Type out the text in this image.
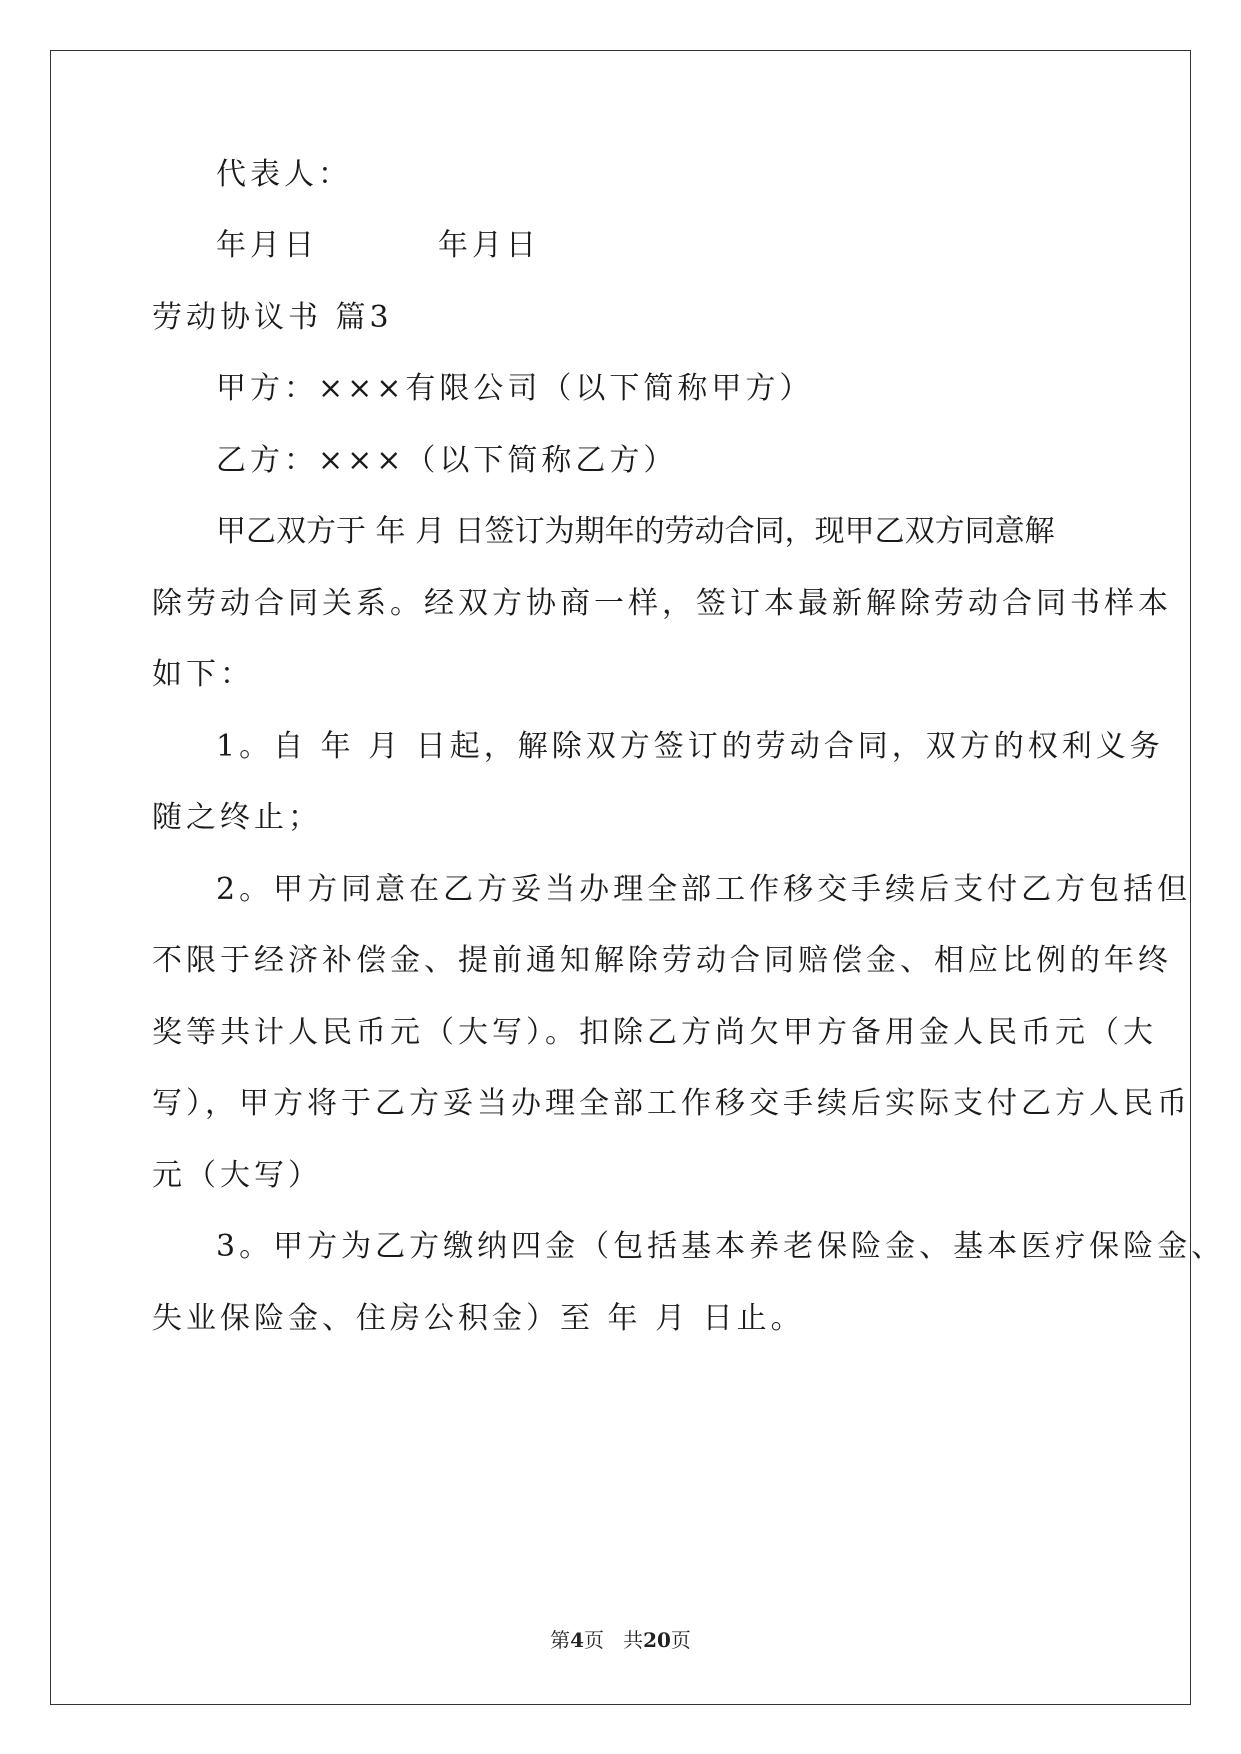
代表人：
年月日	年月日
劳动协议书 篇3
甲方：×××有限公司（以下简称甲方）
乙方：×××（以下简称乙方）
甲乙双方于 年 月 日签订为期年的劳动合同，现甲乙双方同意解
除劳动合同关系。经双方协商一样，签订本最新解除劳动合同书样本
如下：
1。自 年 月 日起，解除双方签订的劳动合同，双方的权利义务
随之终止；
2。甲方同意在乙方妥当办理全部工作移交手续后支付乙方包括但
不限于经济补偿金、提前通知解除劳动合同赔偿金、相应比例的年终
奖等共计人民币元（大写）。扣除乙方尚欠甲方备用金人民币元（大
写），甲方将于乙方妥当办理全部工作移交手续后实际支付乙方人民币
元（大写）
3。甲方为乙方缴纳四金（包括基本养老保险金、基本医疗保险金、
失业保险金、住房公积金）至 年 月 日止。
第4页 共20页
